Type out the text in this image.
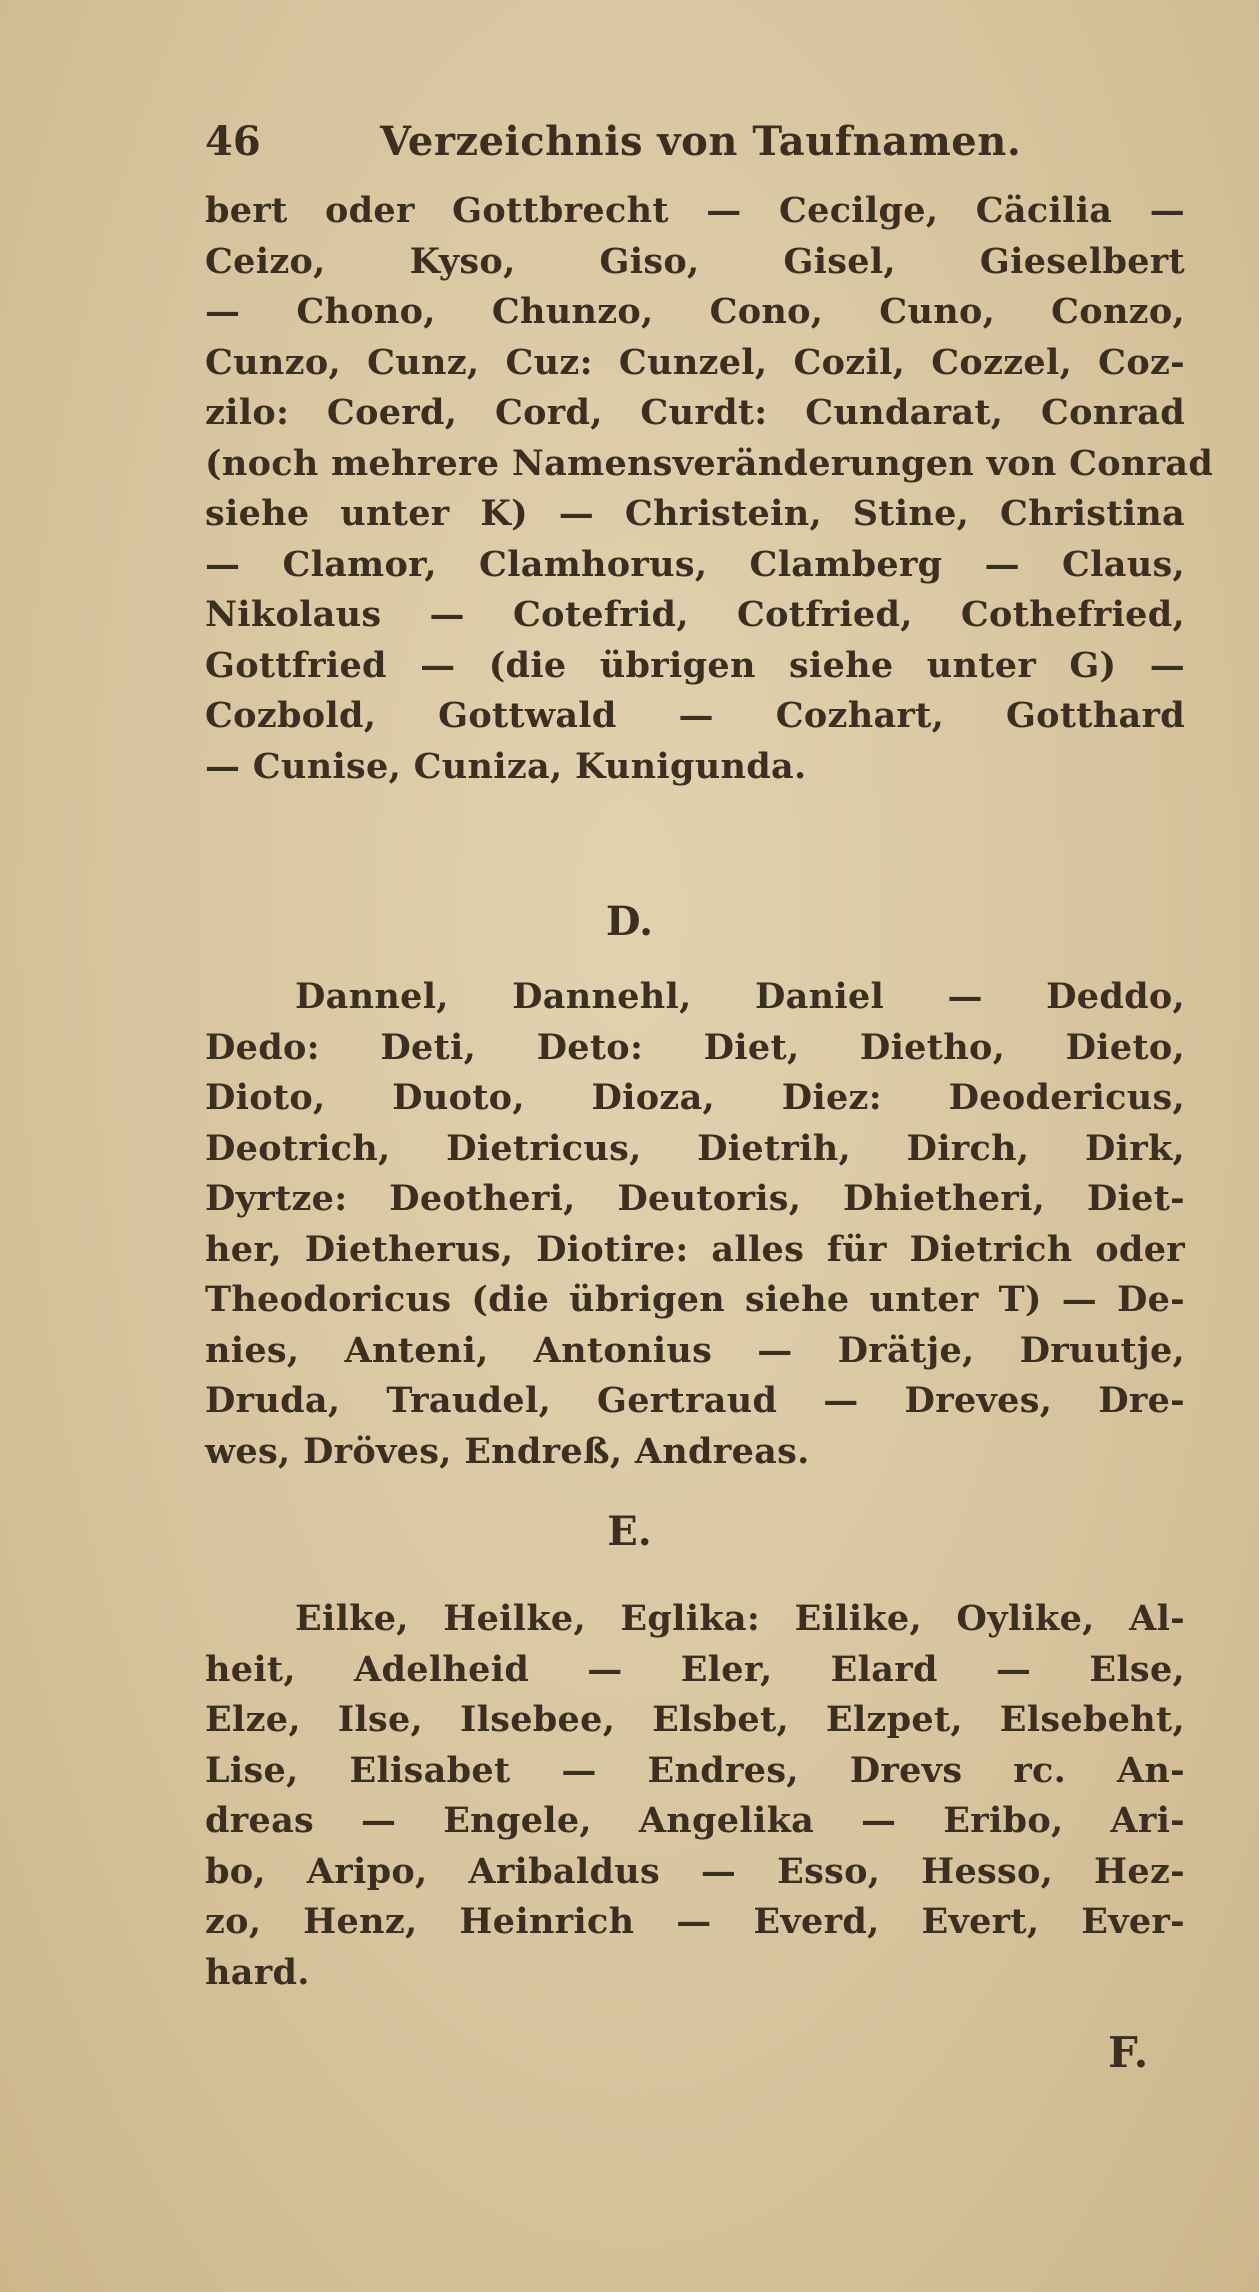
46	Verzeichnis von Taufnamen.
bert oder Gottbrecht — Cecilge, Cäcilia —
Ceizo, Kyso, Giso, Gisel, Gieselbert
— Chono, Chunzo, Cono, Cuno, Conzo,
Cunzo, Cunz, Cuz: Cunzel, Cozil, Cozzel, Coz-
zilo: Coerd, Cord, Curdt: Cundarat, Conrad
(noch mehrere Namensveränderungen von Conrad
siehe unter K) — Christein, Stine, Christina
— Clamor, Clamhorus, Clamberg — Claus,
Nikolaus — Cotefrid, Cotfried, Cothefried,
Gottfried — (die übrigen siehe unter G) —
Cozbold, Gottwald — Cozhart, Gotthard
— Cunise, Cuniza, Kunigunda.
D.
Dannel, Dannehl, Daniel — Deddo,
Dedo: Deti, Deto: Diet, Dietho, Dieto,
Dioto, Duoto, Dioza, Diez: Deodericus,
Deotrich, Dietricus, Dietrih, Dirch, Dirk,
Dyrtze: Deotheri, Deutoris, Dhietheri, Diet-
her, Dietherus, Diotire: alles für Dietrich oder
Theodoricus (die übrigen siehe unter T) — De-
nies, Anteni, Antonius — Drätje, Druutje,
Druda, Traudel, Gertraud — Dreves, Dre-
wes, Dröves, Endreß, Andreas.
E.
Eilke, Heilke, Eglika: Eilike, Oylike, Al-
heit, Adelheid — Eler, Elard — Else,
Elze, Ilse, Ilsebee, Elsbet, Elzpet, Elsebeht,
Lise, Elisabet — Endres, Drevs rc. An-
dreas — Engele, Angelika — Eribo, Ari-
bo, Aripo, Aribaldus — Esso, Hesso, Hez-
zo, Henz, Heinrich — Everd, Evert, Ever-
hard.
F.
